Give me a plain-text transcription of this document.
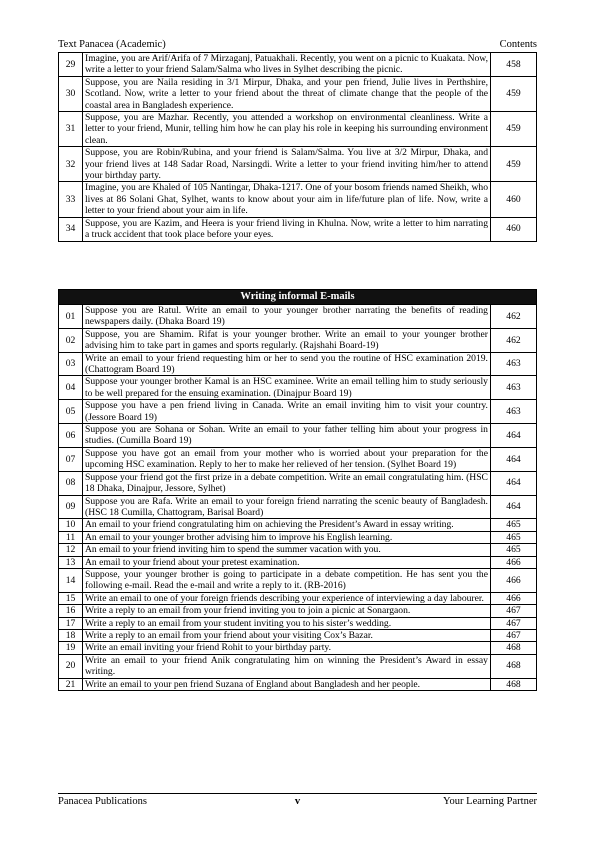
Text Panacea (Academic)	Contents
29	Imagine, you are Arif/Arifa of 7 Mirzaganj, Patuakhali. Recently, you went on a picnic to Kuakata. Now, write a letter to your friend Salam/Salma who lives in Sylhet describing the picnic.	458
30	Suppose, you are Naila residing in 3/1 Mirpur, Dhaka, and your pen friend, Julie lives in Perthshire, Scotland. Now, write a letter to your friend about the threat of climate change that the people of the coastal area in Bangladesh experience.	459
31	Suppose, you are Mazhar. Recently, you attended a workshop on environmental cleanliness. Write a letter to your friend, Munir, telling him how he can play his role in keeping his surrounding environment clean.	459
32	Suppose, you are Robin/Rubina, and your friend is Salam/Salma. You live at 3/2 Mirpur, Dhaka, and your friend lives at 148 Sadar Road, Narsingdi. Write a letter to your friend inviting him/her to attend your birthday party.	459
33	Imagine, you are Khaled of 105 Nantingar, Dhaka-1217. One of your bosom friends named Sheikh, who lives at 86 Solani Ghat, Sylhet, wants to know about your aim in life/future plan of life. Now, write a letter to your friend about your aim in life.	460
34	Suppose, you are Kazim, and Heera is your friend living in Khulna. Now, write a letter to him narrating a truck accident that took place before your eyes.	460
Writing informal E-mails		
01	Suppose you are Ratul. Write an email to your younger brother narrating the benefits of reading newspapers daily. (Dhaka Board 19)	462
02	Suppose, you are Shamim. Rifat is your younger brother. Write an email to your younger brother advising him to take part in games and sports regularly. (Rajshahi Board-19)	462
03	Write an email to your friend requesting him or her to send you the routine of HSC examination 2019. (Chattogram Board 19)	463
04	Suppose your younger brother Kamal is an HSC examinee. Write an email telling him to study seriously to be well prepared for the ensuing examination. (Dinajpur Board 19)	463
05	Suppose you have a pen friend living in Canada. Write an email inviting him to visit your country. (Jessore Board 19)	463
06	Suppose you are Sohana or Sohan. Write an email to your father telling him about your progress in studies. (Cumilla Board 19)	464
07	Suppose you have got an email from your mother who is worried about your preparation for the upcoming HSC examination. Reply to her to make her relieved of her tension. (Sylhet Board 19)	464
08	Suppose your friend got the first prize in a debate competition. Write an email congratulating him. (HSC 18 Dhaka, Dinajpur, Jessore, Sylhet)	464
09	Suppose you are Rafa. Write an email to your foreign friend narrating the scenic beauty of Bangladesh. (HSC 18 Cumilla, Chattogram, Barisal Board)	464
10	An email to your friend congratulating him on achieving the President’s Award in essay writing.	465
11	An email to your younger brother advising him to improve his English learning.	465
12	An email to your friend inviting him to spend the summer vacation with you.	465
13	An email to your friend about your pretest examination.	466
14	Suppose, your younger brother is going to participate in a debate competition. He has sent you the following e-mail. Read the e-mail and write a reply to it. (RB-2016)	466
15	Write an email to one of your foreign friends describing your experience of interviewing a day labourer.	466
16	Write a reply to an email from your friend inviting you to join a picnic at Sonargaon.	467
17	Write a reply to an email from your student inviting you to his sister’s wedding.	467
18	Write a reply to an email from your friend about your visiting Cox’s Bazar.	467
19	Write an email inviting your friend Rohit to your birthday party.	468
20	Write an email to your friend Anik congratulating him on winning the President’s Award in essay writing.	468
21	Write an email to your pen friend Suzana of England about Bangladesh and her people.	468
Panacea Publications	v	Your Learning Partner
